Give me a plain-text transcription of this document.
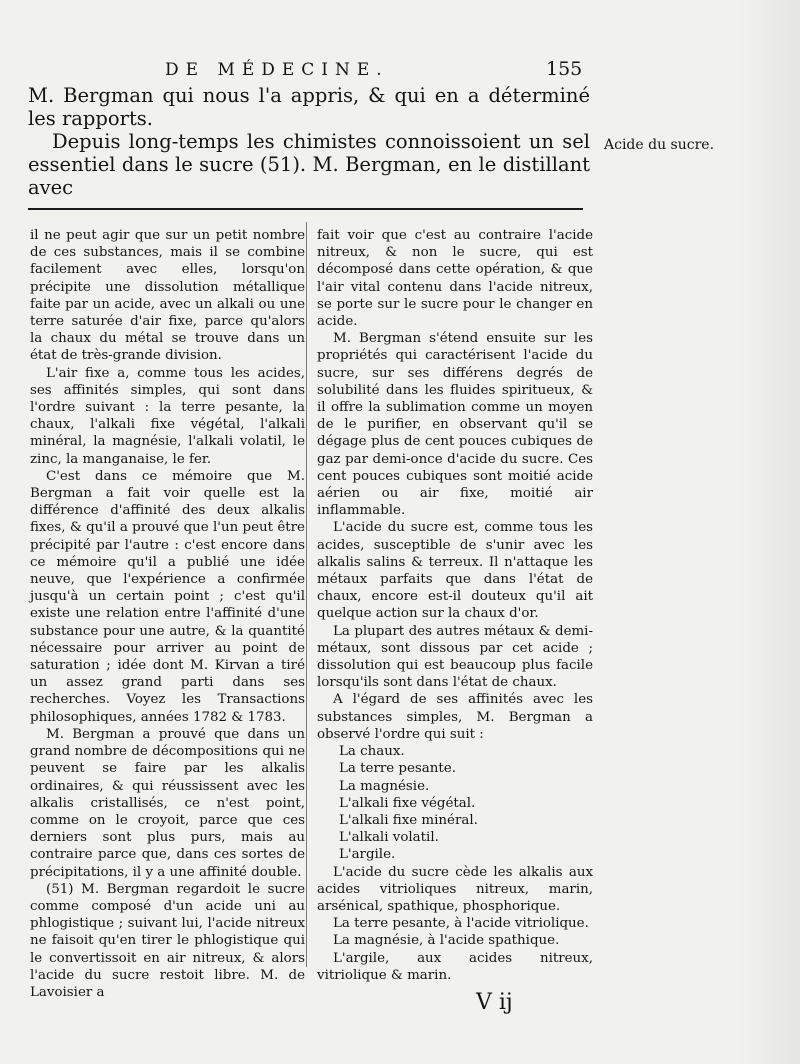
DE MÉDECINE.	155

M. Bergman qui nous l'a appris, & qui en a déterminé les rapports.

Depuis long-temps les chimistes connoissoient un sel essentiel dans le sucre (51). M. Bergman, en le distillant avec

Acide du sucre.

il ne peut agir que sur un petit nombre de ces substances, mais il se combine facilement avec elles, lorsqu'on précipite une dissolution métallique faite par un acide, avec un alkali ou une terre saturée d'air fixe, parce qu'alors la chaux du métal se trouve dans un état de très-grande division.

L'air fixe a, comme tous les acides, ses affinités simples, qui sont dans l'ordre suivant : la terre pesante, la chaux, l'alkali fixe végétal, l'alkali minéral, la magnésie, l'alkali volatil, le zinc, la manganaise, le fer.

C'est dans ce mémoire que M. Bergman a fait voir quelle est la différence d'affinité des deux alkalis fixes, & qu'il a prouvé que l'un peut être précipité par l'autre : c'est encore dans ce mémoire qu'il a publié une idée neuve, que l'expérience a confirmée jusqu'à un certain point ; c'est qu'il existe une relation entre l'affinité d'une substance pour une autre, & la quantité nécessaire pour arriver au point de saturation ; idée dont M. Kirvan a tiré un assez grand parti dans ses recherches. Voyez les Transactions philosophiques, années 1782 & 1783.

M. Bergman a prouvé que dans un grand nombre de décompositions qui ne peuvent se faire par les alkalis ordinaires, & qui réussissent avec les alkalis cristallisés, ce n'est point, comme on le croyoit, parce que ces derniers sont plus purs, mais au contraire parce que, dans ces sortes de précipitations, il y a une affinité double.

(51) M. Bergman regardoit le sucre comme composé d'un acide uni au phlogistique ; suivant lui, l'acide nitreux ne faisoit qu'en tirer le phlogistique qui le convertissoit en air nitreux, & alors l'acide du sucre restoit libre. M. de Lavoisier a

fait voir que c'est au contraire l'acide nitreux, & non le sucre, qui est décomposé dans cette opération, & que l'air vital contenu dans l'acide nitreux, se porte sur le sucre pour le changer en acide.

M. Bergman s'étend ensuite sur les propriétés qui caractérisent l'acide du sucre, sur ses différens degrés de solubilité dans les fluides spiritueux, & il offre la sublimation comme un moyen de le purifier, en observant qu'il se dégage plus de cent pouces cubiques de gaz par demi-once d'acide du sucre. Ces cent pouces cubiques sont moitié acide aérien ou air fixe, moitié air inflammable.

L'acide du sucre est, comme tous les acides, susceptible de s'unir avec les alkalis salins & terreux. Il n'attaque les métaux parfaits que dans l'état de chaux, encore est-il douteux qu'il ait quelque action sur la chaux d'or.

La plupart des autres métaux & demi-métaux, sont dissous par cet acide ; dissolution qui est beaucoup plus facile lorsqu'ils sont dans l'état de chaux.

A l'égard de ses affinités avec les substances simples, M. Bergman a observé l'ordre qui suit :

La chaux.

La terre pesante.

La magnésie.

L'alkali fixe végétal.

L'alkali fixe minéral.

L'alkali volatil.

L'argile.

L'acide du sucre cède les alkalis aux acides vitrioliques nitreux, marin, arsénical, spathique, phosphorique.

La terre pesante, à l'acide vitriolique.

La magnésie, à l'acide spathique.

L'argile, aux acides nitreux, vitriolique & marin.

V ij
